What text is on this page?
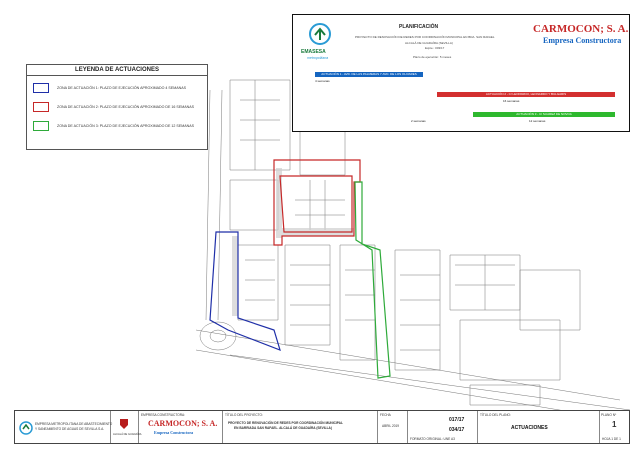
LEYENDA DE ACTUACIONES
ZONA DE ACTUACIÓN 1: PLAZO DE EJECUCIÓN APROXIMADO 4 SEMANAS
ZONA DE ACTUACIÓN 2: PLAZO DE EJECUCIÓN APROXIMADO DE 16 SEMANAS
ZONA DE ACTUACIÓN 3: PLAZO DE EJECUCIÓN APROXIMADO DE 12 SEMANAS
EMASESA
metropolitana
PLANIFICACIÓN
PROYECTO DE RENOVACIÓN DE REDES POR COORDINACIÓN MUNICIPAL EN BDA. SAN RAFAEL
ALCALÁ DE GUADAÍRA (SEVILLA)
Expte.: 003/17
Plazo de ejecución: 5 meses
CARMOCON; S. A.
Empresa Constructora
ACTUACIÓN 1 - AVD. DE LAS PALMERAS Y AVD. DE LOS OLIVARES
4 semanas
ACTUACIÓN 2 - C/ LEOPARDO, LEONARDO Y BULGARIS
16 semanas
ACTUACIÓN 3 - C/ SUAREZ DE NOVOA
2 semanas	12 semanas
EMPRESA METROPOLITANA DE ABASTECIMIENTO
Y SANEAMIENTO DE AGUAS DE SEVILLA S.A.
ALCALÁ DE GUADAÍRA
EMPRESA CONSTRUCTORA:
CARMOCON; S. A.
Empresa Constructora
TÍTULO DEL PROYECTO:
PROYECTO DE RENOVACIÓN DE REDES POR COORDINACIÓN MUNICIPAL
EN BARRIADA SAN RAFAEL. ALCALÁ DE GUADAÍRA (SEVILLA)
FECHA
ABRIL 2019
017/17
034/17
FORMATO ORIGINAL: UNE A3
TÍTULO DEL PLANO:
ACTUACIONES
PLANO Nº
1
HOJA 1 DE 1
